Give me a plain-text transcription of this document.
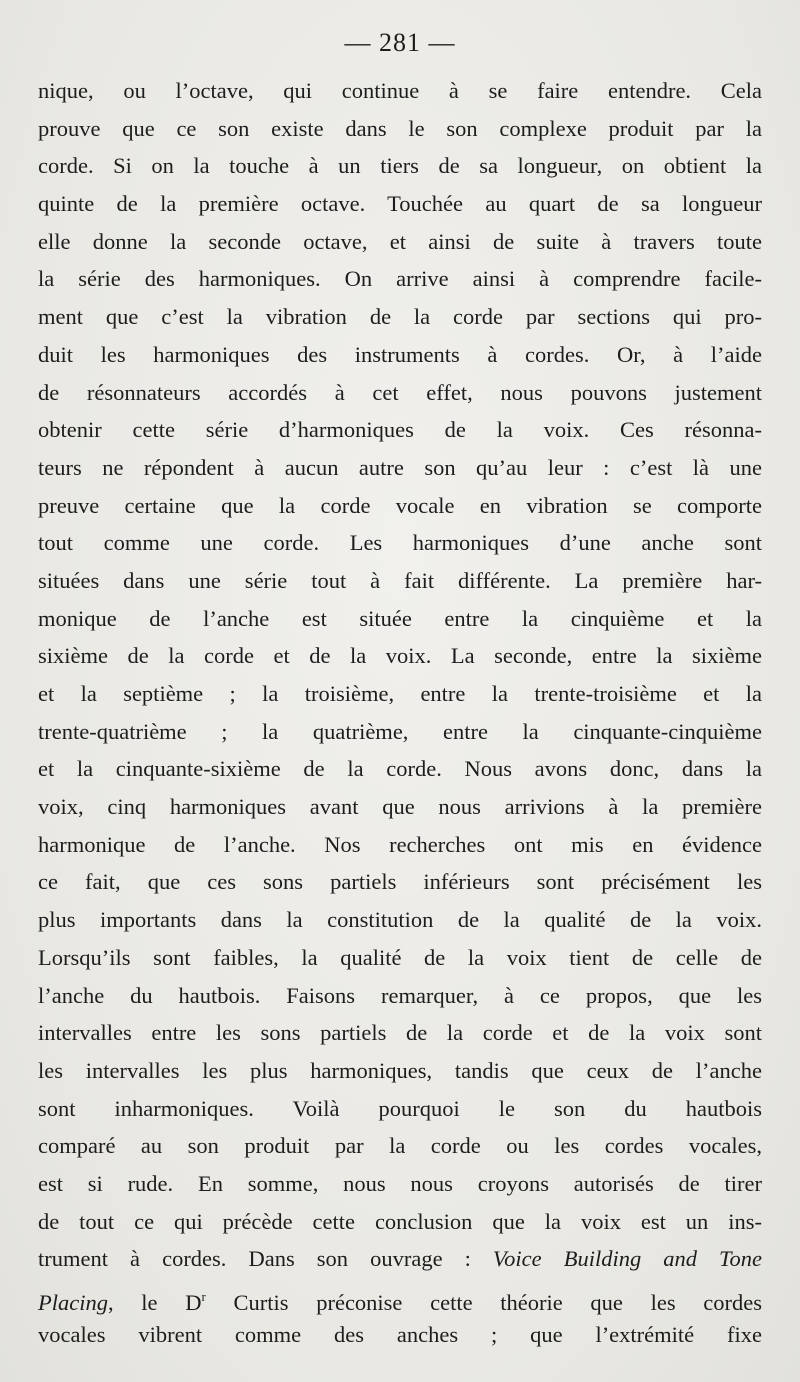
— 281 —
nique, ou l’octave, qui continue à se faire entendre. Cela
prouve que ce son existe dans le son complexe produit par la
corde. Si on la touche à un tiers de sa longueur, on obtient la
quinte de la première octave. Touchée au quart de sa longueur
elle donne la seconde octave, et ainsi de suite à travers toute
la série des harmoniques. On arrive ainsi à comprendre facile-
ment que c’est la vibration de la corde par sections qui pro-
duit les harmoniques des instruments à cordes. Or, à l’aide
de résonnateurs accordés à cet effet, nous pouvons justement
obtenir cette série d’harmoniques de la voix. Ces résonna-
teurs ne répondent à aucun autre son qu’au leur : c’est là une
preuve certaine que la corde vocale en vibration se comporte
tout comme une corde. Les harmoniques d’une anche sont
situées dans une série tout à fait différente. La première har-
monique de l’anche est située entre la cinquième et la
sixième de la corde et de la voix. La seconde, entre la sixième
et la septième ; la troisième, entre la trente-troisième et la
trente-quatrième ; la quatrième, entre la cinquante-cinquième
et la cinquante-sixième de la corde. Nous avons donc, dans la
voix, cinq harmoniques avant que nous arrivions à la première
harmonique de l’anche. Nos recherches ont mis en évidence
ce fait, que ces sons partiels inférieurs sont précisément les
plus importants dans la constitution de la qualité de la voix.
Lorsqu’ils sont faibles, la qualité de la voix tient de celle de
l’anche du hautbois. Faisons remarquer, à ce propos, que les
intervalles entre les sons partiels de la corde et de la voix sont
les intervalles les plus harmoniques, tandis que ceux de l’anche
sont inharmoniques. Voilà pourquoi le son du hautbois
comparé au son produit par la corde ou les cordes vocales,
est si rude. En somme, nous nous croyons autorisés de tirer
de tout ce qui précède cette conclusion que la voix est un ins-
trument à cordes. Dans son ouvrage : Voice Building and Tone
Placing, le $D^r$ Curtis préconise cette théorie que les cordes
vocales vibrent comme des anches ; que l’extrémité fixe
